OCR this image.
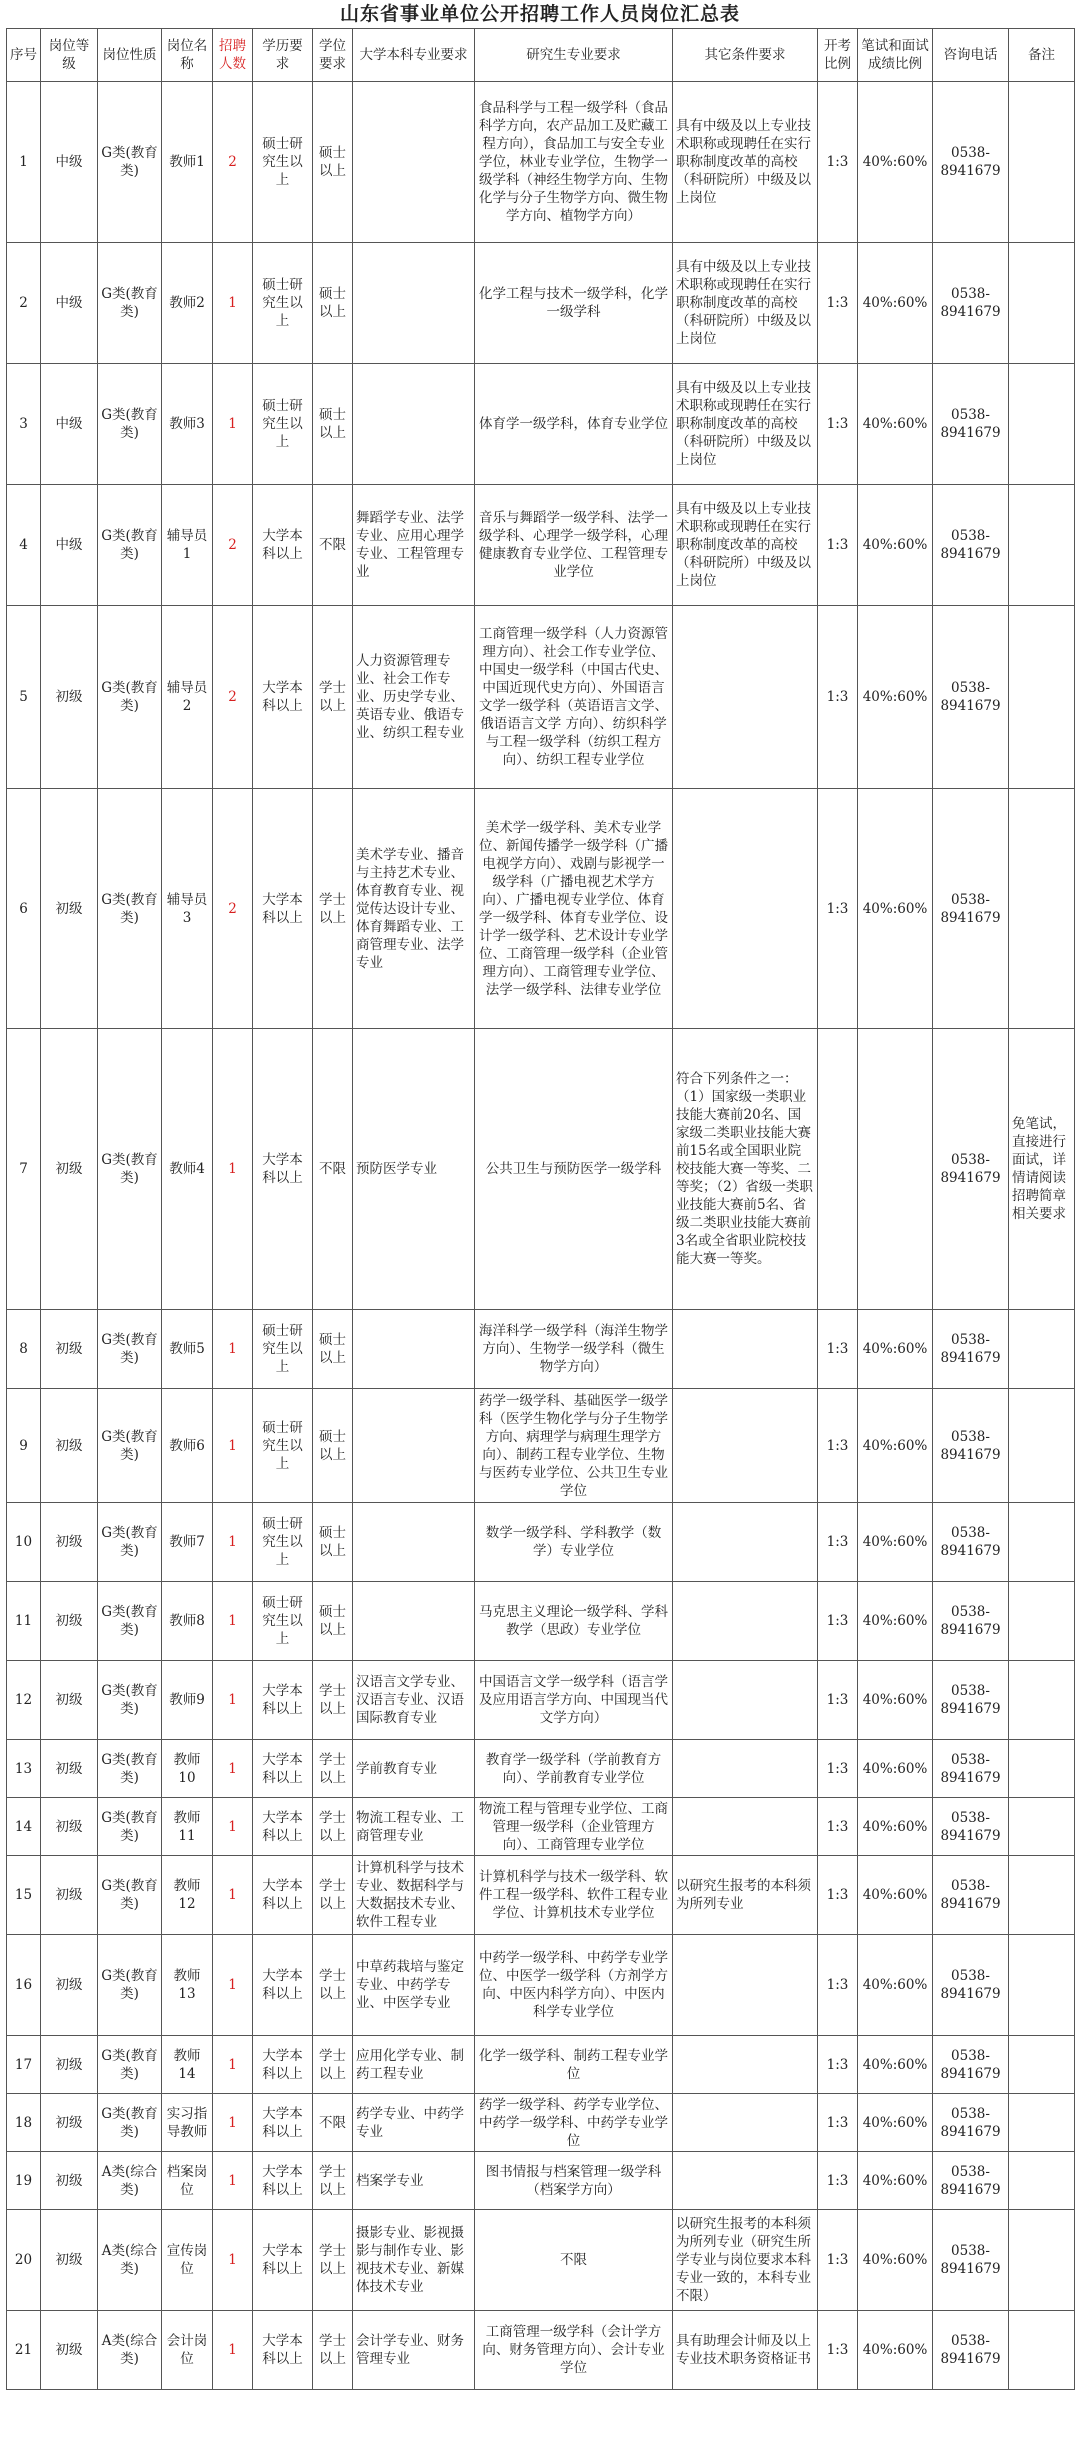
山东省事业单位公开招聘工作人员岗位汇总表
序号	岗位等级	岗位性质	岗位名称	招聘人数	学历要求	学位要求	大学本科专业要求	研究生专业要求	其它条件要求	开考比例	笔试和面试成绩比例	咨询电话	备注
1	中级	G类(教育类)	教师1	2	硕士研究生以上	硕士以上		食品科学与工程一级学科（食品科学方向，农产品加工及贮藏工程方向），食品加工与安全专业学位，林业专业学位，生物学一级学科（神经生物学方向、生物化学与分子生物学方向、微生物学方向、植物学方向）	具有中级及以上专业技术职称或现聘任在实行职称制度改革的高校（科研院所）中级及以上岗位	1:3	40%:60%	0538-8941679	
2	中级	G类(教育类)	教师2	1	硕士研究生以上	硕士以上		化学工程与技术一级学科，化学一级学科	具有中级及以上专业技术职称或现聘任在实行职称制度改革的高校（科研院所）中级及以上岗位	1:3	40%:60%	0538-8941679	
3	中级	G类(教育类)	教师3	1	硕士研究生以上	硕士以上		体育学一级学科，体育专业学位	具有中级及以上专业技术职称或现聘任在实行职称制度改革的高校（科研院所）中级及以上岗位	1:3	40%:60%	0538-8941679	
4	中级	G类(教育类)	辅导员1	2	大学本科以上	不限	舞蹈学专业、法学专业、应用心理学专业、工程管理专业	音乐与舞蹈学一级学科、法学一级学科、心理学一级学科，心理健康教育专业学位、工程管理专业学位	具有中级及以上专业技术职称或现聘任在实行职称制度改革的高校（科研院所）中级及以上岗位	1:3	40%:60%	0538-8941679	
5	初级	G类(教育类)	辅导员2	2	大学本科以上	学士以上	人力资源管理专业、社会工作专业、历史学专业、英语专业、俄语专业、纺织工程专业	工商管理一级学科（人力资源管理方向）、社会工作专业学位、中国史一级学科（中国古代史、中国近现代史方向）、外国语言文学一级学科（英语语言文学、俄语语言文学 方向）、纺织科学与工程一级学科（纺织工程方向）、纺织工程专业学位		1:3	40%:60%	0538-8941679	
6	初级	G类(教育类)	辅导员3	2	大学本科以上	学士以上	美术学专业、播音与主持艺术专业、体育教育专业、视觉传达设计专业、体育舞蹈专业、工商管理专业、法学专业	美术学一级学科、美术专业学位、新闻传播学一级学科（广播电视学方向）、戏剧与影视学一级学科（广播电视艺术学方向）、广播电视专业学位、体育学一级学科、体育专业学位、设计学一级学科、艺术设计专业学位、工商管理一级学科（企业管理方向）、工商管理专业学位、法学一级学科、法律专业学位		1:3	40%:60%	0538-8941679	
7	初级	G类(教育类)	教师4	1	大学本科以上	不限	预防医学专业	公共卫生与预防医学一级学科	符合下列条件之一：（1）国家级一类职业技能大赛前20名、国家级二类职业技能大赛前15名或全国职业院校技能大赛一等奖、二等奖；（2）省级一类职业技能大赛前5名、省级二类职业技能大赛前3名或全省职业院校技能大赛一等奖。			0538-8941679	免笔试，直接进行面试，详情请阅读招聘简章相关要求
8	初级	G类(教育类)	教师5	1	硕士研究生以上	硕士以上		海洋科学一级学科（海洋生物学方向）、生物学一级学科（微生物学方向）		1:3	40%:60%	0538-8941679	
9	初级	G类(教育类)	教师6	1	硕士研究生以上	硕士以上		药学一级学科、基础医学一级学科（医学生物化学与分子生物学方向、病理学与病理生理学方向）、制药工程专业学位、生物与医药专业学位、公共卫生专业学位		1:3	40%:60%	0538-8941679	
10	初级	G类(教育类)	教师7	1	硕士研究生以上	硕士以上		数学一级学科、学科教学（数学）专业学位		1:3	40%:60%	0538-8941679	
11	初级	G类(教育类)	教师8	1	硕士研究生以上	硕士以上		马克思主义理论一级学科、学科教学（思政）专业学位		1:3	40%:60%	0538-8941679	
12	初级	G类(教育类)	教师9	1	大学本科以上	学士以上	汉语言文学专业、汉语言专业、汉语国际教育专业	中国语言文学一级学科（语言学及应用语言学方向、中国现当代文学方向）		1:3	40%:60%	0538-8941679	
13	初级	G类(教育类)	教师10	1	大学本科以上	学士以上	学前教育专业	教育学一级学科（学前教育方向）、学前教育专业学位		1:3	40%:60%	0538-8941679	
14	初级	G类(教育类)	教师11	1	大学本科以上	学士以上	物流工程专业、工商管理专业	物流工程与管理专业学位、工商管理一级学科（企业管理方向）、工商管理专业学位		1:3	40%:60%	0538-8941679	
15	初级	G类(教育类)	教师12	1	大学本科以上	学士以上	计算机科学与技术专业、数据科学与大数据技术专业、软件工程专业	计算机科学与技术一级学科、软件工程一级学科、软件工程专业学位、计算机技术专业学位	以研究生报考的本科须为所列专业	1:3	40%:60%	0538-8941679	
16	初级	G类(教育类)	教师13	1	大学本科以上	学士以上	中草药栽培与鉴定专业、中药学专业、中医学专业	中药学一级学科、中药学专业学位、中医学一级学科（方剂学方向、中医内科学方向）、中医内科学专业学位		1:3	40%:60%	0538-8941679	
17	初级	G类(教育类)	教师14	1	大学本科以上	学士以上	应用化学专业、制药工程专业	化学一级学科、制药工程专业学位		1:3	40%:60%	0538-8941679	
18	初级	G类(教育类)	实习指导教师	1	大学本科以上	不限	药学专业、中药学专业	药学一级学科、药学专业学位、中药学一级学科、中药学专业学位		1:3	40%:60%	0538-8941679	
19	初级	A类(综合类)	档案岗位	1	大学本科以上	学士以上	档案学专业	图书情报与档案管理一级学科（档案学方向）		1:3	40%:60%	0538-8941679	
20	初级	A类(综合类)	宣传岗位	1	大学本科以上	学士以上	摄影专业、影视摄影与制作专业、影视技术专业、新媒体技术专业	不限	以研究生报考的本科须为所列专业（研究生所学专业与岗位要求本科专业一致的，本科专业不限）	1:3	40%:60%	0538-8941679	
21	初级	A类(综合类)	会计岗位	1	大学本科以上	学士以上	会计学专业、财务管理专业	工商管理一级学科（会计学方向、财务管理方向）、会计专业学位	具有助理会计师及以上专业技术职务资格证书	1:3	40%:60%	0538-8941679	
